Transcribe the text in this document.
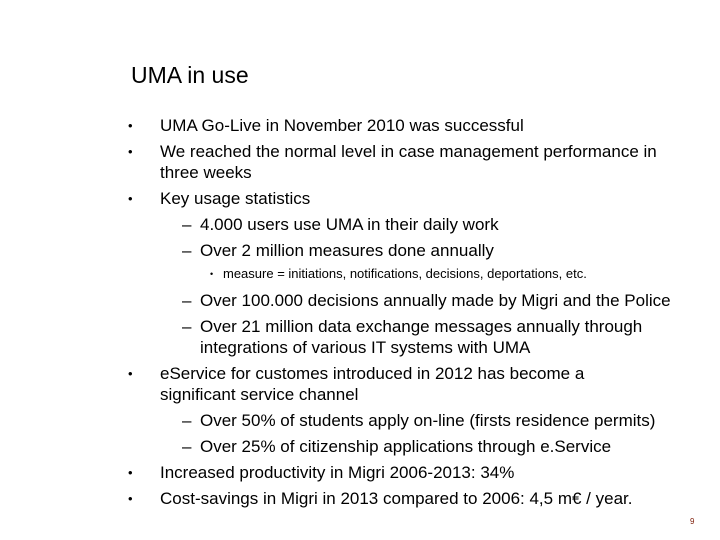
UMA in use
• UMA Go-Live in November 2010 was successful
• We reached the normal level in case management performance in
three weeks
• Key usage statistics
– 4.000 users use UMA in their daily work
– Over 2 million measures done annually
• measure = initiations, notifications, decisions, deportations, etc.
– Over 100.000 decisions annually made by Migri and the Police
– Over 21 million data exchange messages annually through
integrations of various IT systems with UMA
• eService for customes introduced in 2012 has become a
significant service channel
– Over 50% of students apply on-line (firsts residence permits)
– Over 25% of citizenship applications through e.Service
• Increased productivity in Migri 2006-2013: 34%
• Cost-savings in Migri in 2013 compared to 2006: 4,5 m€ / year.
9
